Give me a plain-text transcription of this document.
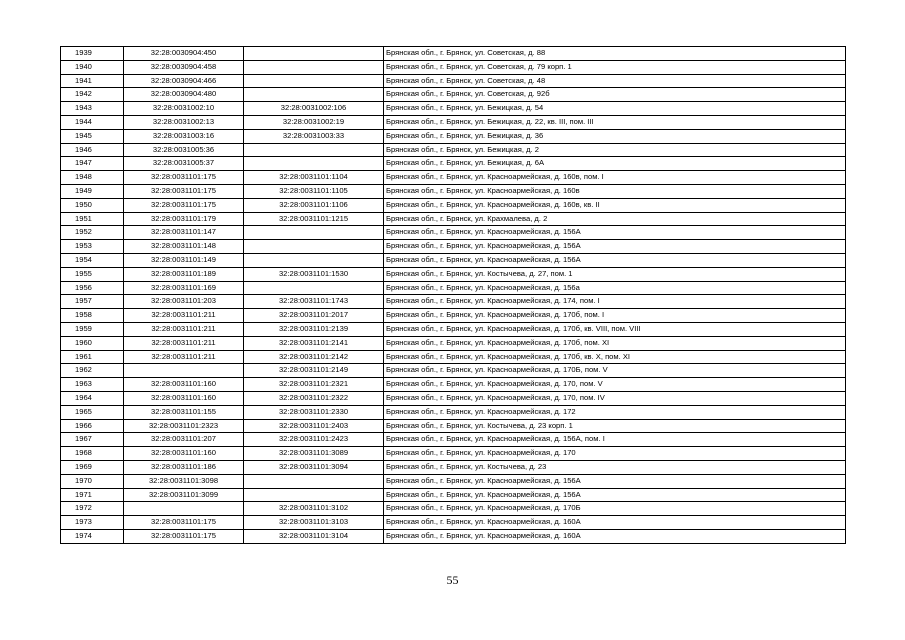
1939	32:28:0030904:450		Брянская обл., г. Брянск, ул. Советская, д. 88
1940	32:28:0030904:458		Брянская обл., г. Брянск, ул. Советская, д. 79 корп. 1
1941	32:28:0030904:466		Брянская обл., г. Брянск, ул. Советская, д. 48
1942	32:28:0030904:480		Брянская обл., г. Брянск, ул. Советская, д. 92б
1943	32:28:0031002:10	32:28:0031002:106	Брянская обл., г. Брянск, ул. Бежицкая, д. 54
1944	32:28:0031002:13	32:28:0031002:19	Брянская обл., г. Брянск, ул. Бежицкая, д. 22, кв. III, пом. III
1945	32:28:0031003:16	32:28:0031003:33	Брянская обл., г. Брянск, ул. Бежицкая, д. 36
1946	32:28:0031005:36		Брянская обл., г. Брянск, ул. Бежицкая, д. 2
1947	32:28:0031005:37		Брянская обл., г. Брянск, ул. Бежицкая, д. 6А
1948	32:28:0031101:175	32:28:0031101:1104	Брянская обл., г. Брянск, ул. Красноармейская, д. 160в, пом. I
1949	32:28:0031101:175	32:28:0031101:1105	Брянская обл., г. Брянск, ул. Красноармейская, д. 160в
1950	32:28:0031101:175	32:28:0031101:1106	Брянская обл., г. Брянск, ул. Красноармейская, д. 160в, кв. II
1951	32:28:0031101:179	32:28:0031101:1215	Брянская обл., г. Брянск, ул. Крахмалева, д. 2
1952	32:28:0031101:147		Брянская обл., г. Брянск, ул. Красноармейская, д. 156А
1953	32:28:0031101:148		Брянская обл., г. Брянск, ул. Красноармейская, д. 156А
1954	32:28:0031101:149		Брянская обл., г. Брянск, ул. Красноармейская, д. 156А
1955	32:28:0031101:189	32:28:0031101:1530	Брянская обл., г. Брянск, ул. Костычева, д. 27, пом. 1
1956	32:28:0031101:169		Брянская обл., г. Брянск, ул. Красноармейская, д. 156а
1957	32:28:0031101:203	32:28:0031101:1743	Брянская обл., г. Брянск, ул. Красноармейская, д. 174, пом. I
1958	32:28:0031101:211	32:28:0031101:2017	Брянская обл., г. Брянск, ул. Красноармейская, д. 170б, пом. I
1959	32:28:0031101:211	32:28:0031101:2139	Брянская обл., г. Брянск, ул. Красноармейская, д. 170б, кв. VIII, пом. VIII
1960	32:28:0031101:211	32:28:0031101:2141	Брянская обл., г. Брянск, ул. Красноармейская, д. 170б, пом. XI
1961	32:28:0031101:211	32:28:0031101:2142	Брянская обл., г. Брянск, ул. Красноармейская, д. 170б, кв. X, пом. XI
1962		32:28:0031101:2149	Брянская обл., г. Брянск, ул. Красноармейская, д. 170Б, пом. V
1963	32:28:0031101:160	32:28:0031101:2321	Брянская обл., г. Брянск, ул. Красноармейская, д. 170, пом. V
1964	32:28:0031101:160	32:28:0031101:2322	Брянская обл., г. Брянск, ул. Красноармейская, д. 170, пом. IV
1965	32:28:0031101:155	32:28:0031101:2330	Брянская обл., г. Брянск, ул. Красноармейская, д. 172
1966	32:28:0031101:2323	32:28:0031101:2403	Брянская обл., г. Брянск, ул. Костычева, д. 23 корп. 1
1967	32:28:0031101:207	32:28:0031101:2423	Брянская обл., г. Брянск, ул. Красноармейская, д. 156А, пом. I
1968	32:28:0031101:160	32:28:0031101:3089	Брянская обл., г. Брянск, ул. Красноармейская, д. 170
1969	32:28:0031101:186	32:28:0031101:3094	Брянская обл., г. Брянск, ул. Костычева, д. 23
1970	32:28:0031101:3098		Брянская обл., г. Брянск, ул. Красноармейская, д. 156А
1971	32:28:0031101:3099		Брянская обл., г. Брянск, ул. Красноармейская, д. 156А
1972		32:28:0031101:3102	Брянская обл., г. Брянск, ул. Красноармейская, д. 170Б
1973	32:28:0031101:175	32:28:0031101:3103	Брянская обл., г. Брянск, ул. Красноармейская, д. 160А
1974	32:28:0031101:175	32:28:0031101:3104	Брянская обл., г. Брянск, ул. Красноармейская, д. 160А
55
